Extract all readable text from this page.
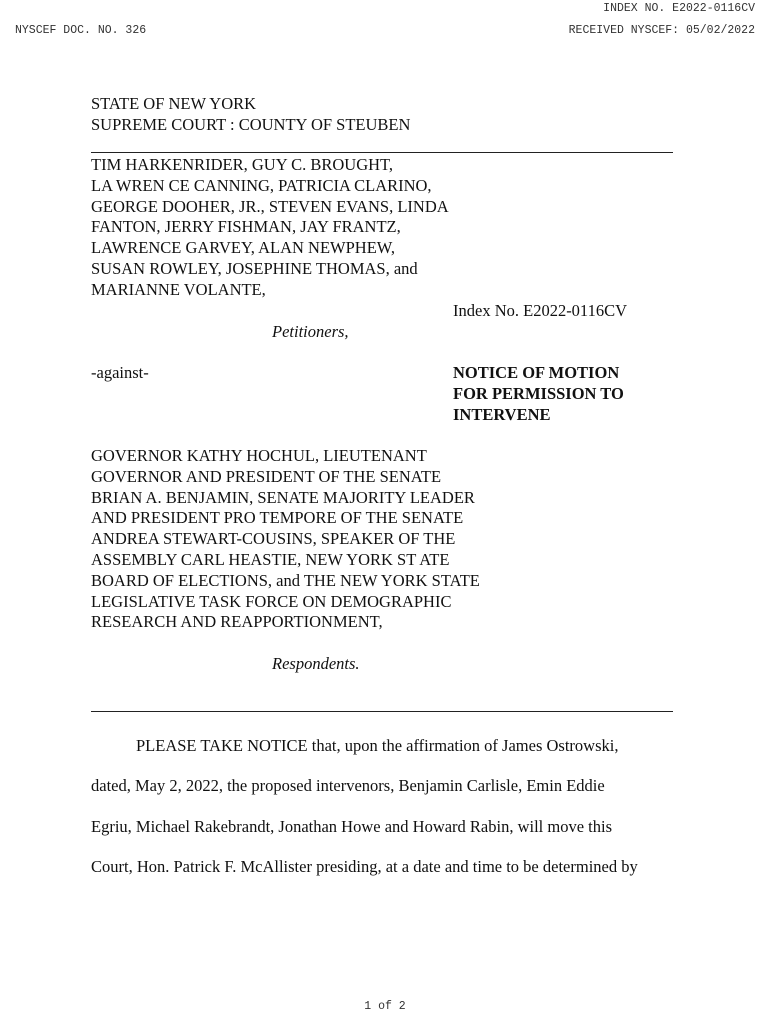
INDEX NO. E2022-0116CV
NYSCEF DOC. NO. 326	RECEIVED NYSCEF: 05/02/2022
STATE OF NEW YORK
SUPREME COURT : COUNTY OF STEUBEN
TIM HARKENRIDER, GUY C. BROUGHT,
LA WREN CE CANNING, PATRICIA CLARINO,
GEORGE DOOHER, JR., STEVEN EVANS, LINDA
FANTON, JERRY FISHMAN, JAY FRANTZ,
LAWRENCE GARVEY, ALAN NEWPHEW,
SUSAN ROWLEY, JOSEPHINE THOMAS, and
MARIANNE VOLANTE,
Index No. E2022-0116CV
Petitioners,
-against-	NOTICE OF MOTION
FOR PERMISSION TO
INTERVENE
GOVERNOR KATHY HOCHUL, LIEUTENANT
GOVERNOR AND PRESIDENT OF THE SENATE
BRIAN A. BENJAMIN, SENATE MAJORITY LEADER
AND PRESIDENT PRO TEMPORE OF THE SENATE
ANDREA STEWART-COUSINS, SPEAKER OF THE
ASSEMBLY CARL HEASTIE, NEW YORK ST ATE
BOARD OF ELECTIONS, and THE NEW YORK STATE
LEGISLATIVE TASK FORCE ON DEMOGRAPHIC
RESEARCH AND REAPPORTIONMENT,
Respondents.
PLEASE TAKE NOTICE that, upon the affirmation of James Ostrowski,
dated, May 2, 2022, the proposed intervenors, Benjamin Carlisle, Emin Eddie
Egriu, Michael Rakebrandt, Jonathan Howe and Howard Rabin, will move this
Court, Hon. Patrick F. McAllister presiding, at a date and time to be determined by
1 of 2
